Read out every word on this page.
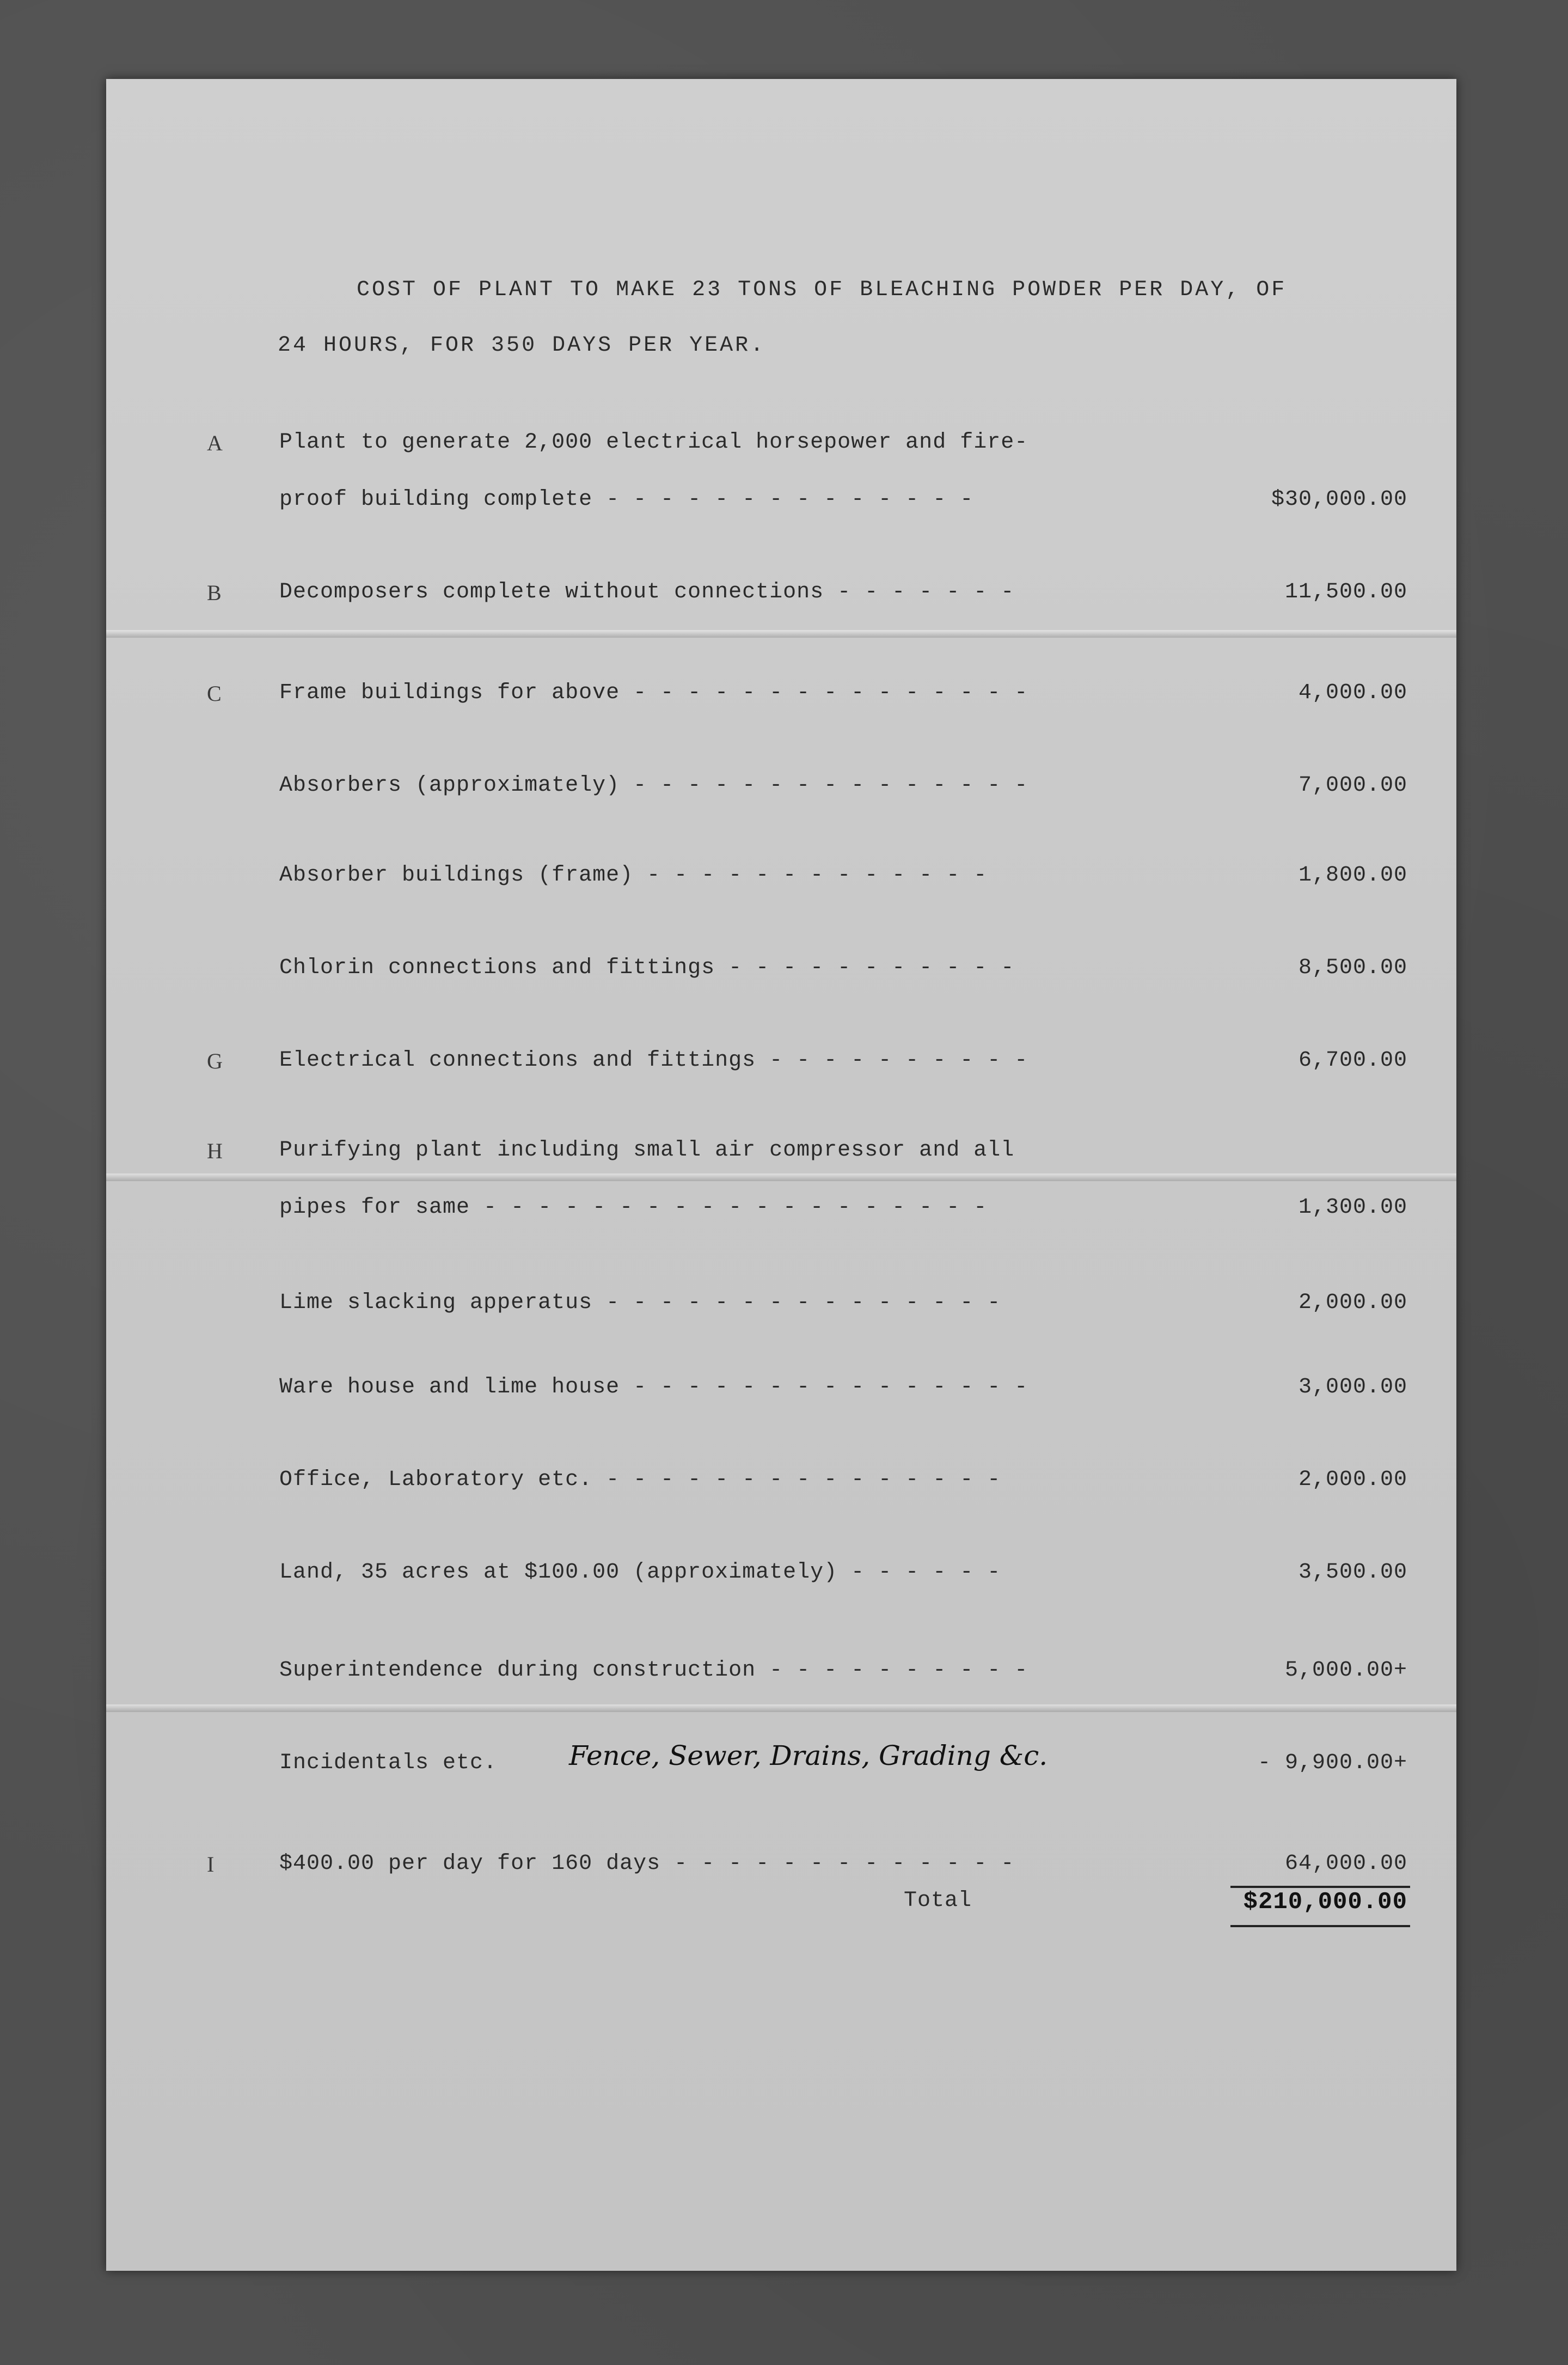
COST OF PLANT TO MAKE 23 TONS OF BLEACHING POWDER PER DAY, OF
24 HOURS, FOR 350 DAYS PER YEAR.
A	Plant to generate 2,000 electrical horsepower and fire-
proof building complete - - - - - - - - - - - - - -	$30,000.00
B	Decomposers complete without connections - - - - - - -	11,500.00
C	Frame buildings for above - - - - - - - - - - - - - - -	4,000.00
Absorbers (approximately) - - - - - - - - - - - - - - -	7,000.00
Absorber buildings (frame) - - - - - - - - - - - - -	1,800.00
Chlorin connections and fittings - - - - - - - - - - -	8,500.00
G	Electrical connections and fittings - - - - - - - - - -	6,700.00
H	Purifying plant including small air compressor and all
pipes for same - - - - - - - - - - - - - - - - - - -	1,300.00
Lime slacking apperatus - - - - - - - - - - - - - - -	2,000.00
Ware house and lime house - - - - - - - - - - - - - - -	3,000.00
Office, Laboratory etc. - - - - - - - - - - - - - - -	2,000.00
Land, 35 acres at $100.00 (approximately) - - - - - -	3,500.00
Superintendence during construction - - - - - - - - - -	5,000.00+
Incidentals etc.	Fence, Sewer, Drains, Grading &c.	- 9,900.00+
I	$400.00 per day for 160 days - - - - - - - - - - - - -	64,000.00
Total	$210,000.00
